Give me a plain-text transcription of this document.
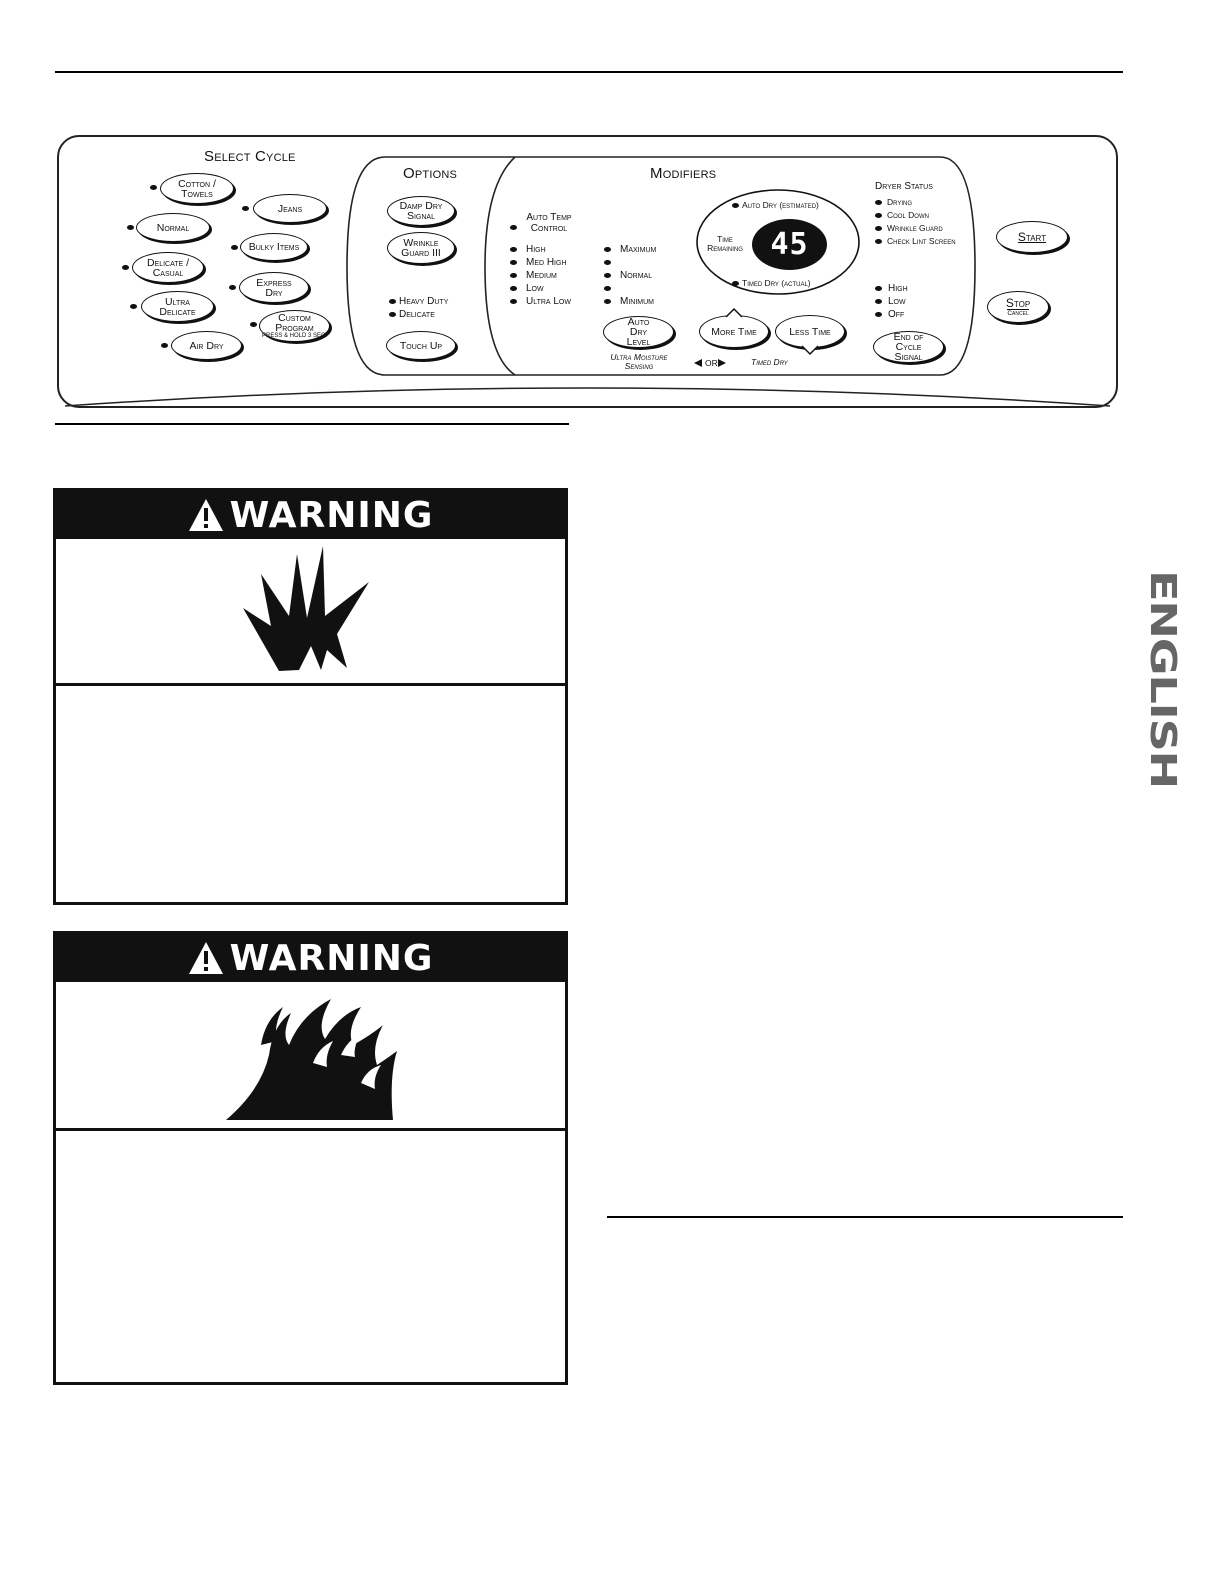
Select Cycle
Cotton / Towels
Jeans
Normal
Bulky Items
Delicate / Casual
Express Dry
Ultra Delicate	Custom Program
PRESS & HOLD 3 SEC.
Air Dry
Options
Damp Dry Signal
Wrinkle Guard III
Heavy Duty
Delicate
Touch Up
Modifiers
Auto Temp Control
High
Med High
Medium
Low
Ultra Low
Maximum
Normal
Minimum
Auto Dry Level
Ultra Moisture Sensing
Auto Dry (estimated)
Time Remaining 45
Timed Dry (actual)
More Time	Less Time
OR	Timed Dry
Dryer Status
Drying
Cool Down
Wrinkle Guard
Check Lint Screen
High
Low
Off
End of Cycle Signal
Start
Stop
Cancel
WARNING
WARNING
ENGLISH
